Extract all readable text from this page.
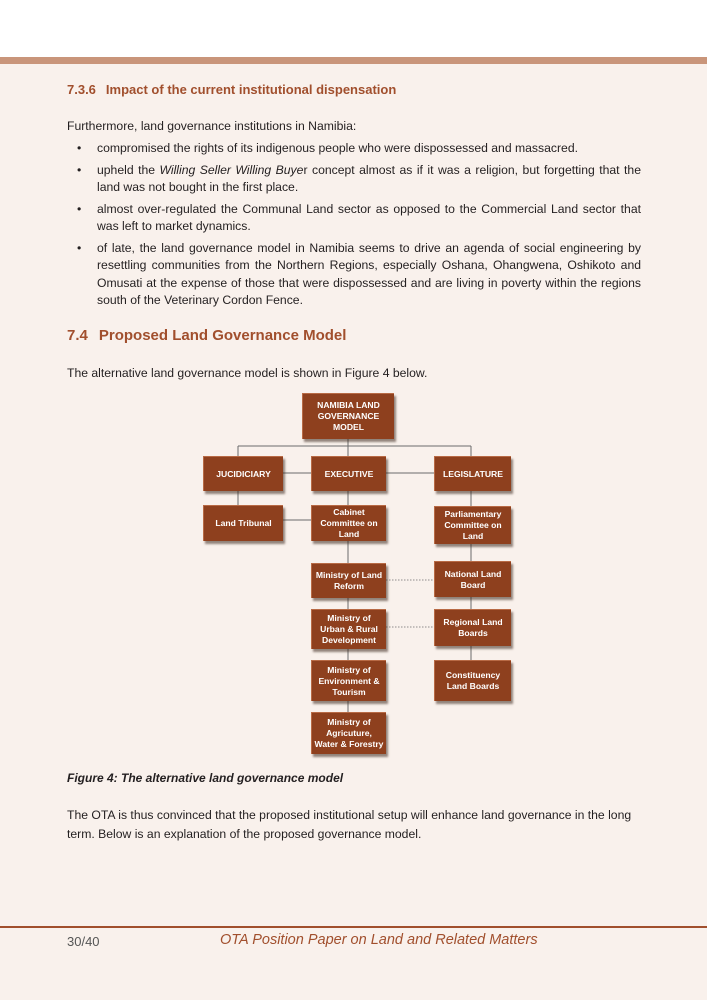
7.3.6 Impact of the current institutional dispensation
Furthermore, land governance institutions in Namibia:
• compromised the rights of its indigenous people who were dispossessed and massacred.
• upheld the Willing Seller Willing Buyer concept almost as if it was a religion, but forgetting that the land was not bought in the first place.
• almost over-regulated the Communal Land sector as opposed to the Commercial Land sector that was left to market dynamics.
• of late, the land governance model in Namibia seems to drive an agenda of social engineering by resettling communities from the Northern Regions, especially Oshana, Ohangwena, Oshikoto and Omusati at the expense of those that were dispossessed and are living in poverty within the regions south of the Veterinary Cordon Fence.
7.4 Proposed Land Governance Model
The alternative land governance model is shown in Figure 4 below.
NAMIBIA LAND GOVERNANCE MODEL
JUCIDICIARY	EXECUTIVE	LEGISLATURE
Land Tribunal
Cabinet Committee on Land
Parliamentary Committee on Land
Ministry of Land Reform
National Land Board
Ministry of Urban & Rural Development
Regional Land Boards
Ministry of Environment & Tourism
Constituency Land Boards
Ministry of Agricuture, Water & Forestry
Figure 4: The alternative land governance model
The OTA is thus convinced that the proposed institutional setup will enhance land governance in the long term. Below is an explanation of the proposed governance model.
30/40	OTA Position Paper on Land and Related Matters
